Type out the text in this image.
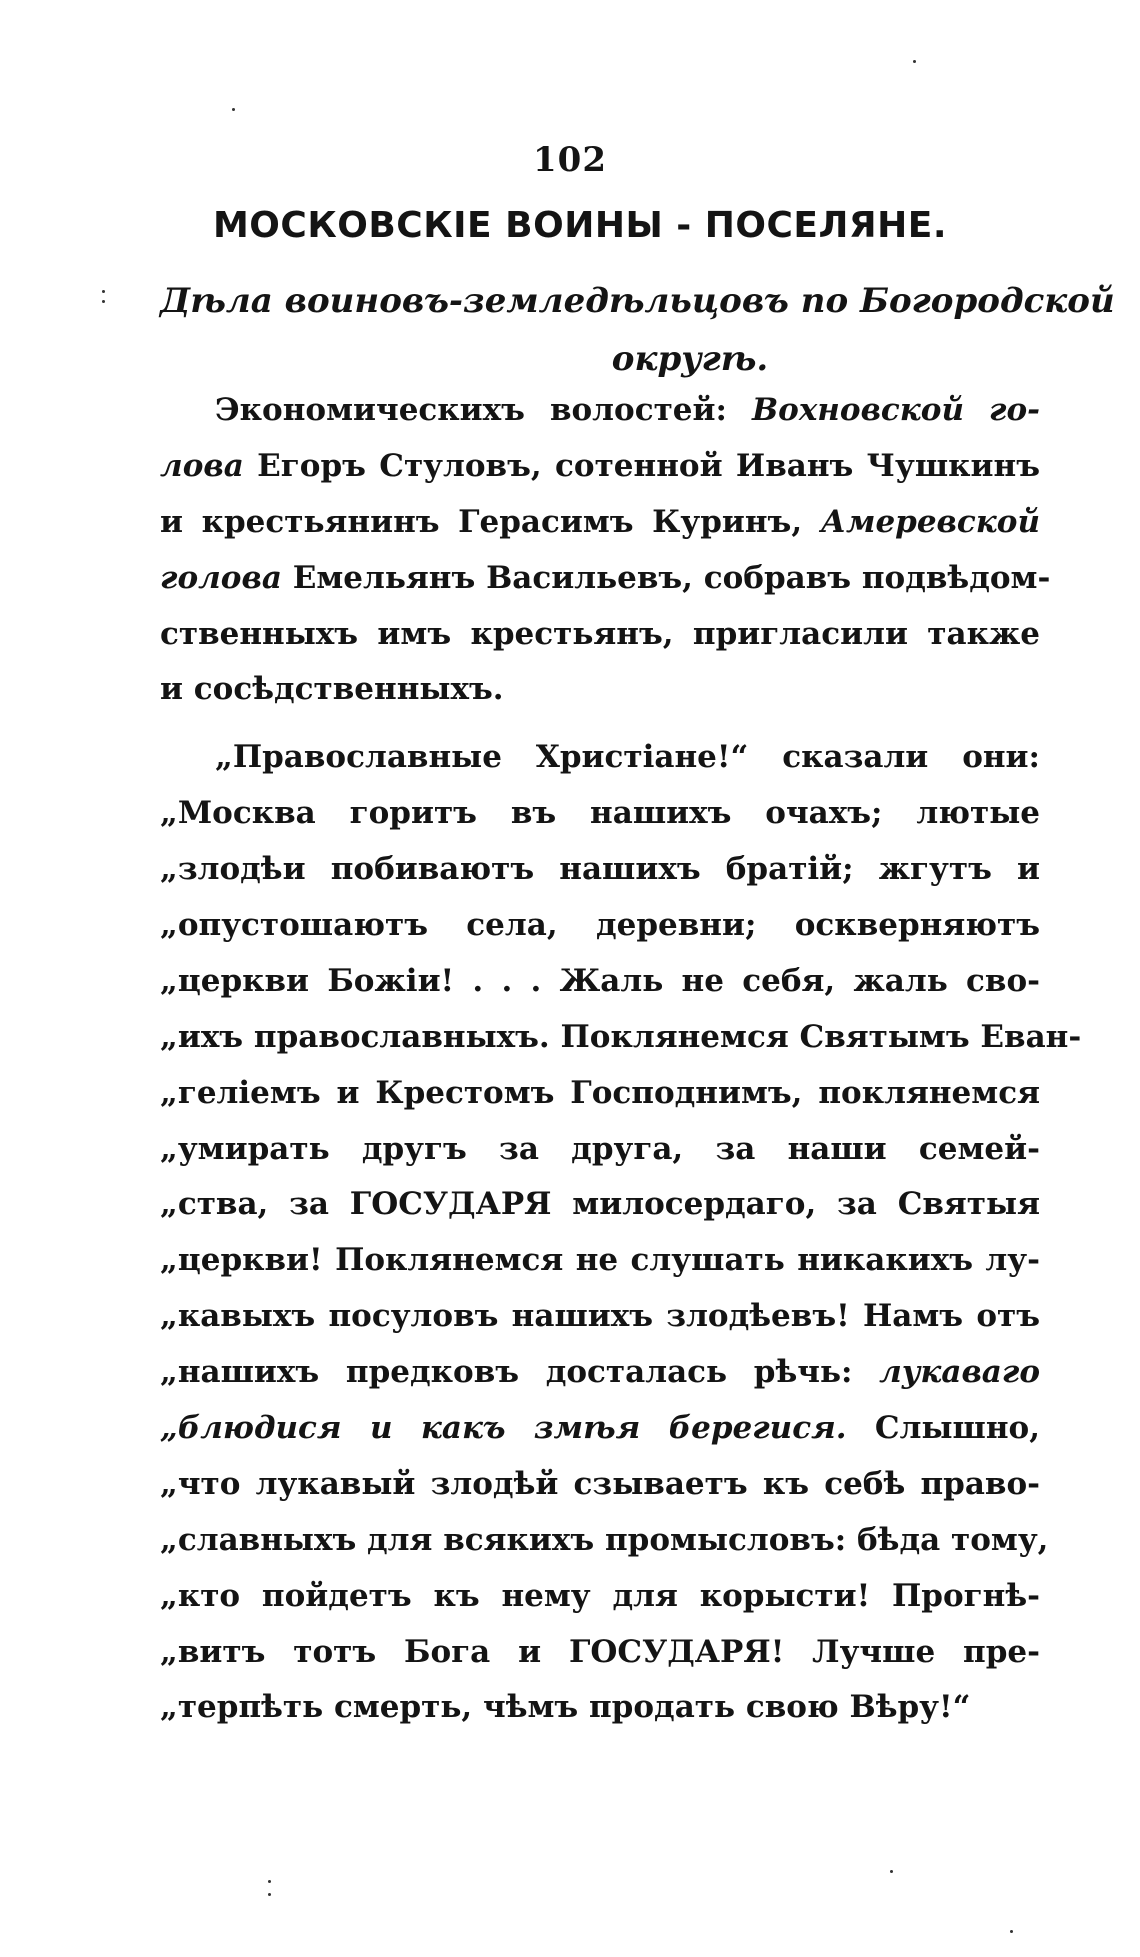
102
МОСКОВСКІЕ ВОИНЫ - ПОСЕЛЯНЕ.
Дѣла воиновъ-земледѣльцовъ по Богородской
округѣ.
Экономическихъ волостей: Вохновской го-
лова Егоръ Стуловъ, сотенной Иванъ Чушкинъ
и крестьянинъ Герасимъ Куринъ, Амеревской
голова Емельянъ Васильевъ, собравъ подвѣдом-
ственныхъ имъ крестьянъ, пригласили также
и сосѣдственныхъ.
„Православные Христiане!“ сказали они:
„Москва горитъ въ нашихъ очахъ; лютые
„злодѣи побиваютъ нашихъ братiй; жгутъ и
„опустошаютъ села, деревни; оскверняютъ
„церкви Божiи! . . . Жаль не себя, жаль сво-
„ихъ православныхъ. Поклянемся Святымъ Еван-
„гелiемъ и Крестомъ Господнимъ, поклянемся
„умирать другъ за друга, за наши семей-
„ства, за ГОСУДАРЯ милосердаго, за Святыя
„церкви! Поклянемся не слушать никакихъ лу-
„кавыхъ посуловъ нашихъ злодѣевъ! Намъ отъ
„нашихъ предковъ досталась рѣчь: лукаваго
„блюдися и какъ змѣя берегися. Слышно,
„что лукавый злодѣй сзываетъ къ себѣ право-
„славныхъ для всякихъ промысловъ: бѣда тому,
„кто пойдетъ къ нему для корысти! Прогнѣ-
„витъ тотъ Бога и ГОСУДАРЯ! Лучше пре-
„терпѣть смерть, чѣмъ продать свою Вѣру!“
